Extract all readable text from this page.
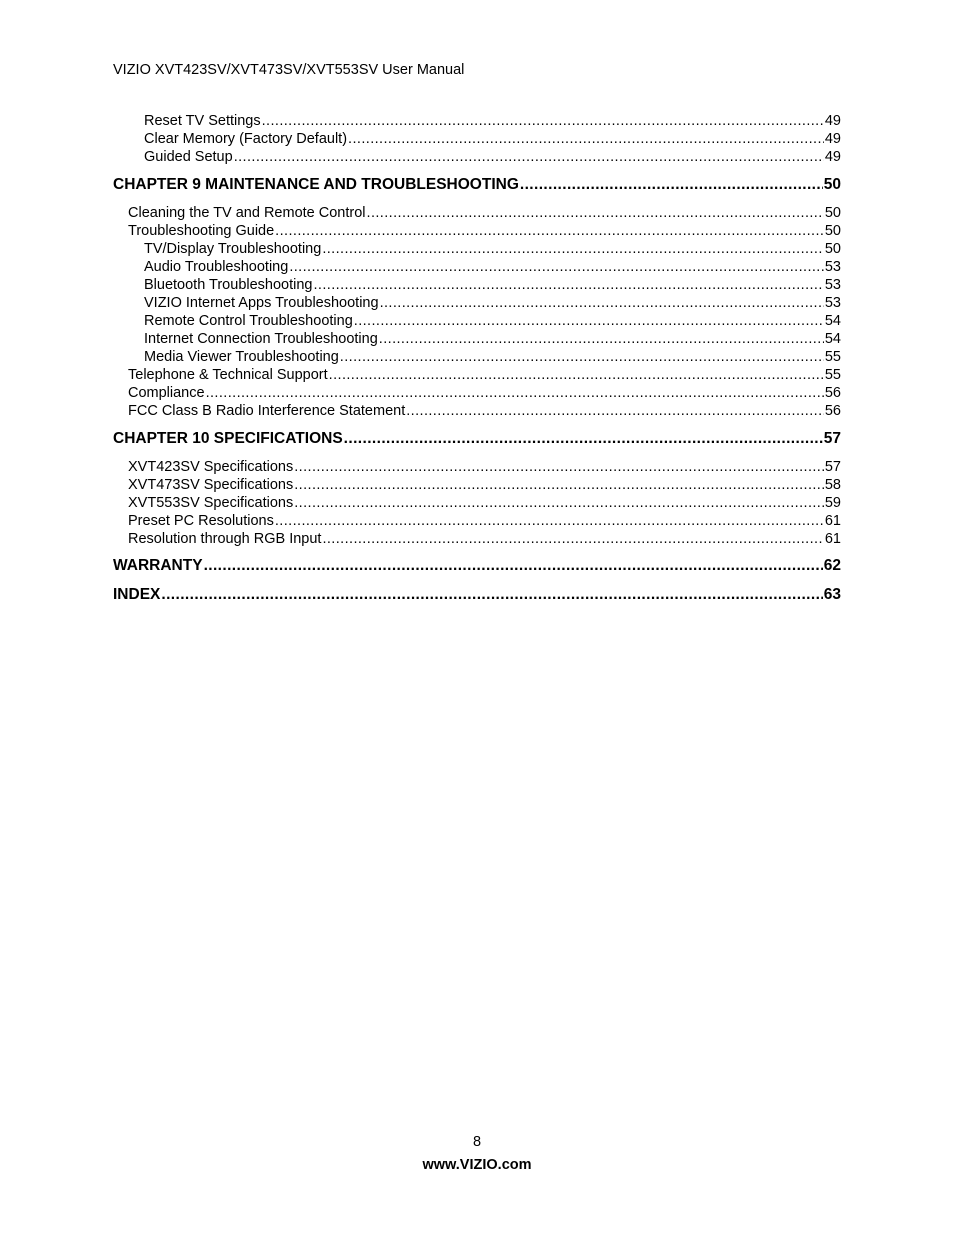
VIZIO XVT423SV/XVT473SV/XVT553SV User Manual
Reset TV Settings .....	49
Clear Memory (Factory Default) .....	49
Guided Setup .....	49
CHAPTER 9 MAINTENANCE AND TROUBLESHOOTING .....	50
Cleaning the TV and Remote Control .....	50
Troubleshooting Guide .....	50
TV/Display Troubleshooting .....	50
Audio Troubleshooting .....	53
Bluetooth Troubleshooting .....	53
VIZIO Internet Apps Troubleshooting .....	53
Remote Control Troubleshooting .....	54
Internet Connection Troubleshooting .....	54
Media Viewer Troubleshooting .....	55
Telephone & Technical Support .....	55
Compliance .....	56
FCC Class B Radio Interference Statement .....	56
CHAPTER 10 SPECIFICATIONS .....	57
XVT423SV Specifications .....	57
XVT473SV Specifications .....	58
XVT553SV Specifications .....	59
Preset PC Resolutions .....	61
Resolution through RGB Input .....	61
WARRANTY .....	62
INDEX .....	63
8
www.VIZIO.com
